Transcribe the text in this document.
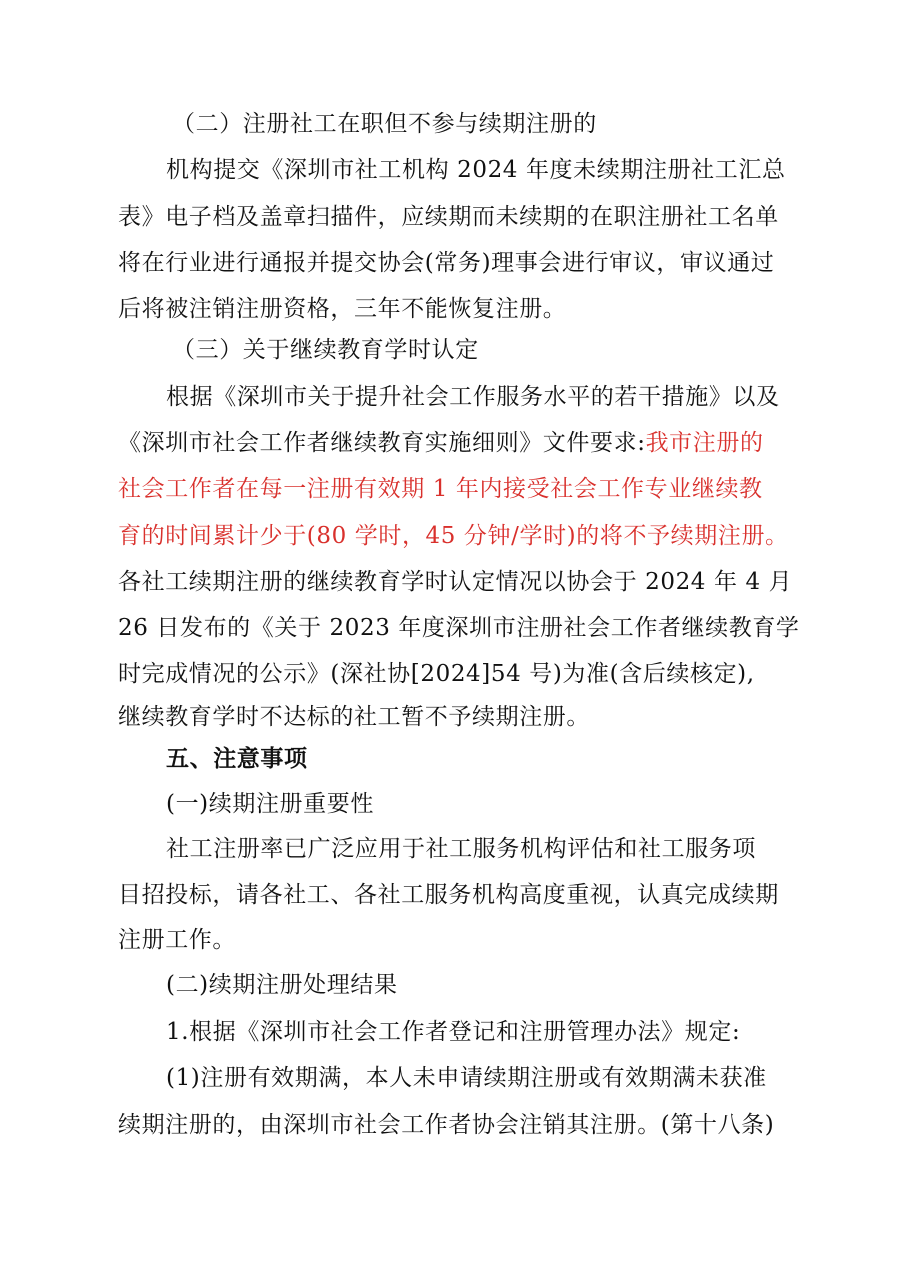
（二）注册社工在职但不参与续期注册的
机构提交《深圳市社工机构 2024 年度未续期注册社工汇总
表》电子档及盖章扫描件，应续期而未续期的在职注册社工名单
将在行业进行通报并提交协会(常务)理事会进行审议，审议通过
后将被注销注册资格，三年不能恢复注册。
（三）关于继续教育学时认定
根据《深圳市关于提升社会工作服务水平的若干措施》以及
《深圳市社会工作者继续教育实施细则》文件要求:我市注册的
社会工作者在每一注册有效期 1 年内接受社会工作专业继续教
育的时间累计少于(80 学时，45 分钟/学时)的将不予续期注册。
各社工续期注册的继续教育学时认定情况以协会于 2024 年 4 月
26 日发布的《关于 2023 年度深圳市注册社会工作者继续教育学
时完成情况的公示》(深社协[2024]54 号)为准(含后续核定),
继续教育学时不达标的社工暂不予续期注册。
五、注意事项
(一)续期注册重要性
社工注册率已广泛应用于社工服务机构评估和社工服务项
目招投标，请各社工、各社工服务机构高度重视，认真完成续期
注册工作。
(二)续期注册处理结果
1.根据《深圳市社会工作者登记和注册管理办法》规定:
(1)注册有效期满，本人未申请续期注册或有效期满未获准
续期注册的，由深圳市社会工作者协会注销其注册。(第十八条)
